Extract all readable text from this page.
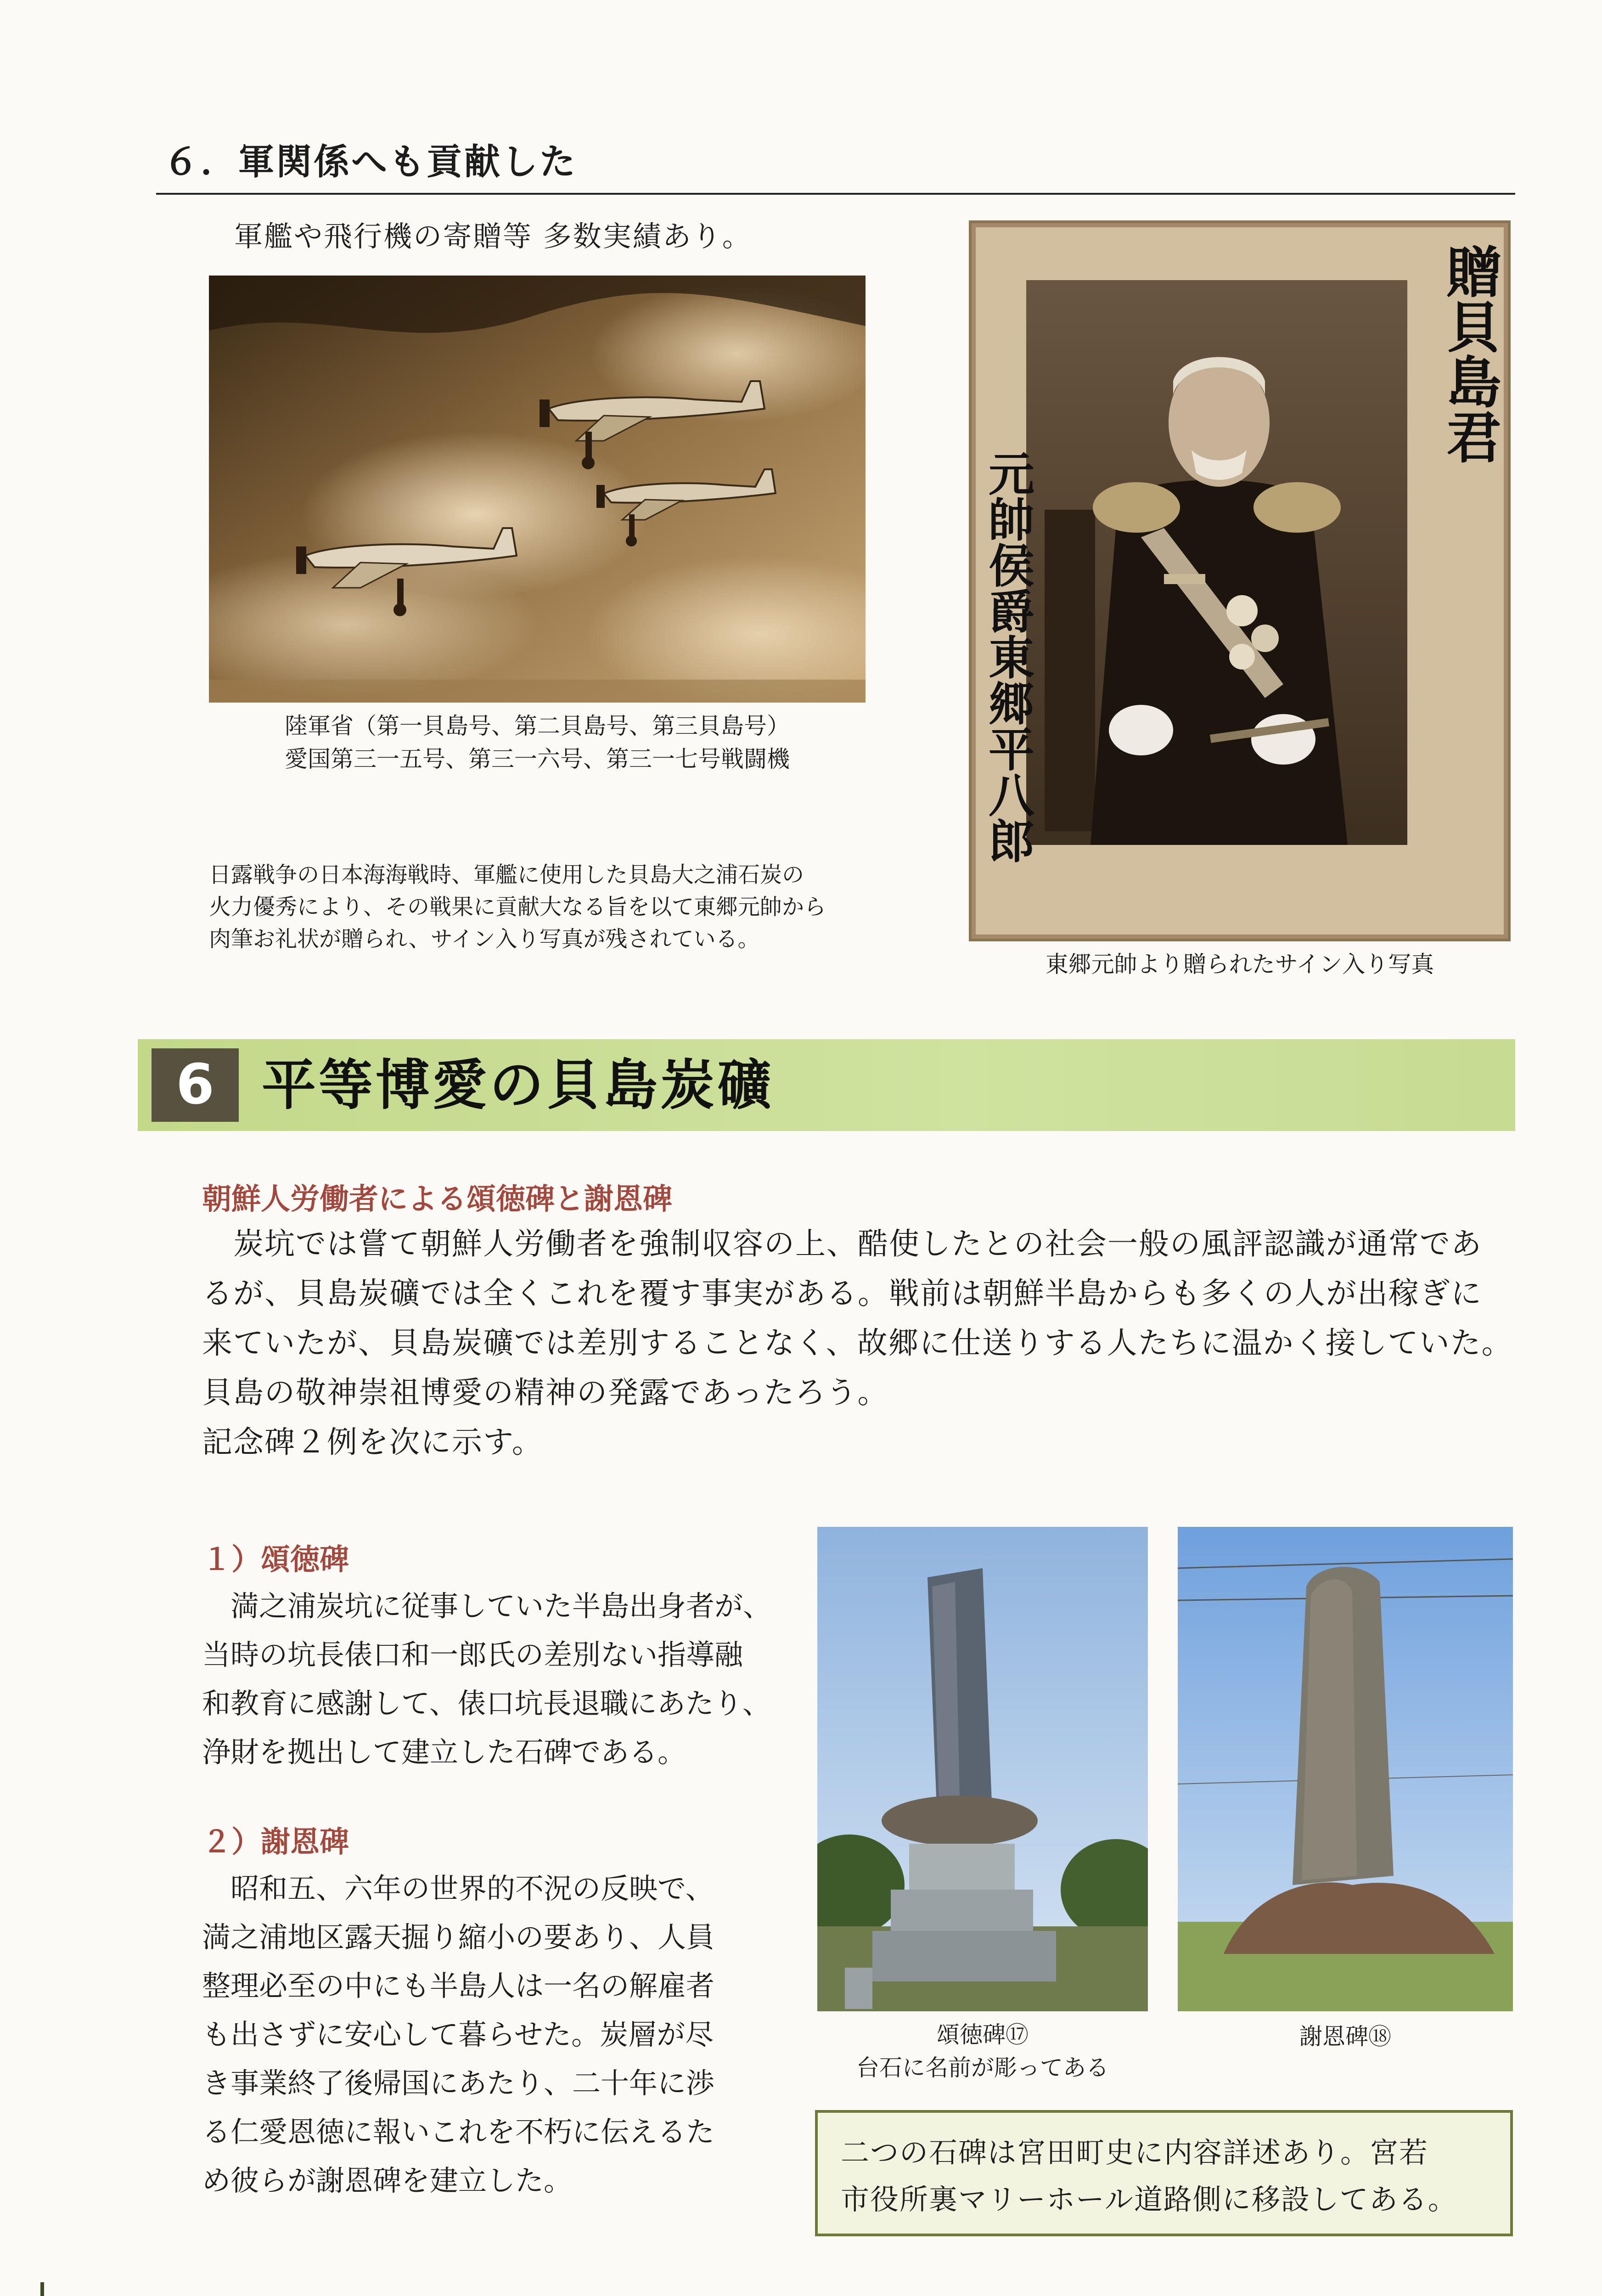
６．軍関係へも貢献した
軍艦や飛行機の寄贈等 多数実績あり。
陸軍省（第一貝島号、第二貝島号、第三貝島号）
愛国第三一五号、第三一六号、第三一七号戦闘機
日露戦争の日本海海戦時、軍艦に使用した貝島大之浦石炭の
火力優秀により、その戦果に貢献大なる旨を以て東郷元帥から
肉筆お礼状が贈られ、サイン入り写真が残されている。
贈貝島君
元帥侯爵東郷平八郎
東郷元帥より贈られたサイン入り写真
6 平等博愛の貝島炭礦
朝鮮人労働者による頌徳碑と謝恩碑

　炭坑では嘗て朝鮮人労働者を強制収容の上、酷使したとの社会一般の風評認識が通常であ

るが、貝島炭礦では全くこれを覆す事実がある。戦前は朝鮮半島からも多くの人が出稼ぎに

来ていたが、貝島炭礦では差別することなく、故郷に仕送りする人たちに温かく接していた。

貝島の敬神崇祖博愛の精神の発露であったろう。

記念碑２例を次に示す。

１）頌徳碑

　満之浦炭坑に従事していた半島出身者が、

当時の坑長俵口和一郎氏の差別ない指導融

和教育に感謝して、俵口坑長退職にあたり、

浄財を拠出して建立した石碑である。

２）謝恩碑

　昭和五、六年の世界的不況の反映で、

満之浦地区露天掘り縮小の要あり、人員

整理必至の中にも半島人は一名の解雇者

も出さずに安心して暮らせた。炭層が尽

き事業終了後帰国にあたり、二十年に渉

る仁愛恩徳に報いこれを不朽に伝えるた

め彼らが謝恩碑を建立した。

頌徳碑⑰
台石に名前が彫ってある
謝恩碑⑱
二つの石碑は宮田町史に内容詳述あり。宮若
市役所裏マリーホール道路側に移設してある。
